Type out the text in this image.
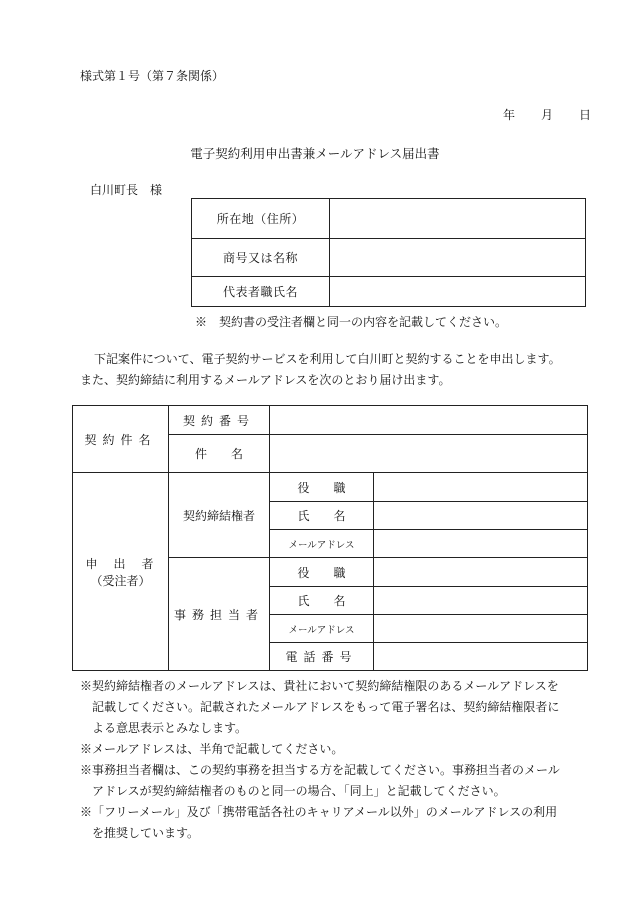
様式第１号（第７条関係）
年 月 日
電子契約利用申出書兼メールアドレス届出書
白川町長　様
所在地（住所）	
商号又は名称	
代表者職氏名	
※　契約書の受注者欄と同一の内容を記載してください。
下記案件について、電子契約サービスを利用して白川町と契約することを申出します。
また、契約締結に利用するメールアドレスを次のとおり届け出ます。
契約件名	契約番号		
	件　　名		

申　出　者
（受注者）	契約締結権者	役　　職	
		氏　　名	
		メールアドレス	
	事務担当者	役　　職	
		氏　　名	
		メールアドレス	
		電話番号	

※契約締結権者のメールアドレスは、貴社において契約締結権限のあるメールアドレスを

記載してください。記載されたメールアドレスをもって電子署名は、契約締結権限者に

よる意思表示とみなします。

※メールアドレスは、半角で記載してください。

※事務担当者欄は、この契約事務を担当する方を記載してください。事務担当者のメール

アドレスが契約締結権者のものと同一の場合、「同上」と記載してください。

※「フリーメール」及び「携帯電話各社のキャリアメール以外」のメールアドレスの利用

を推奨しています。
